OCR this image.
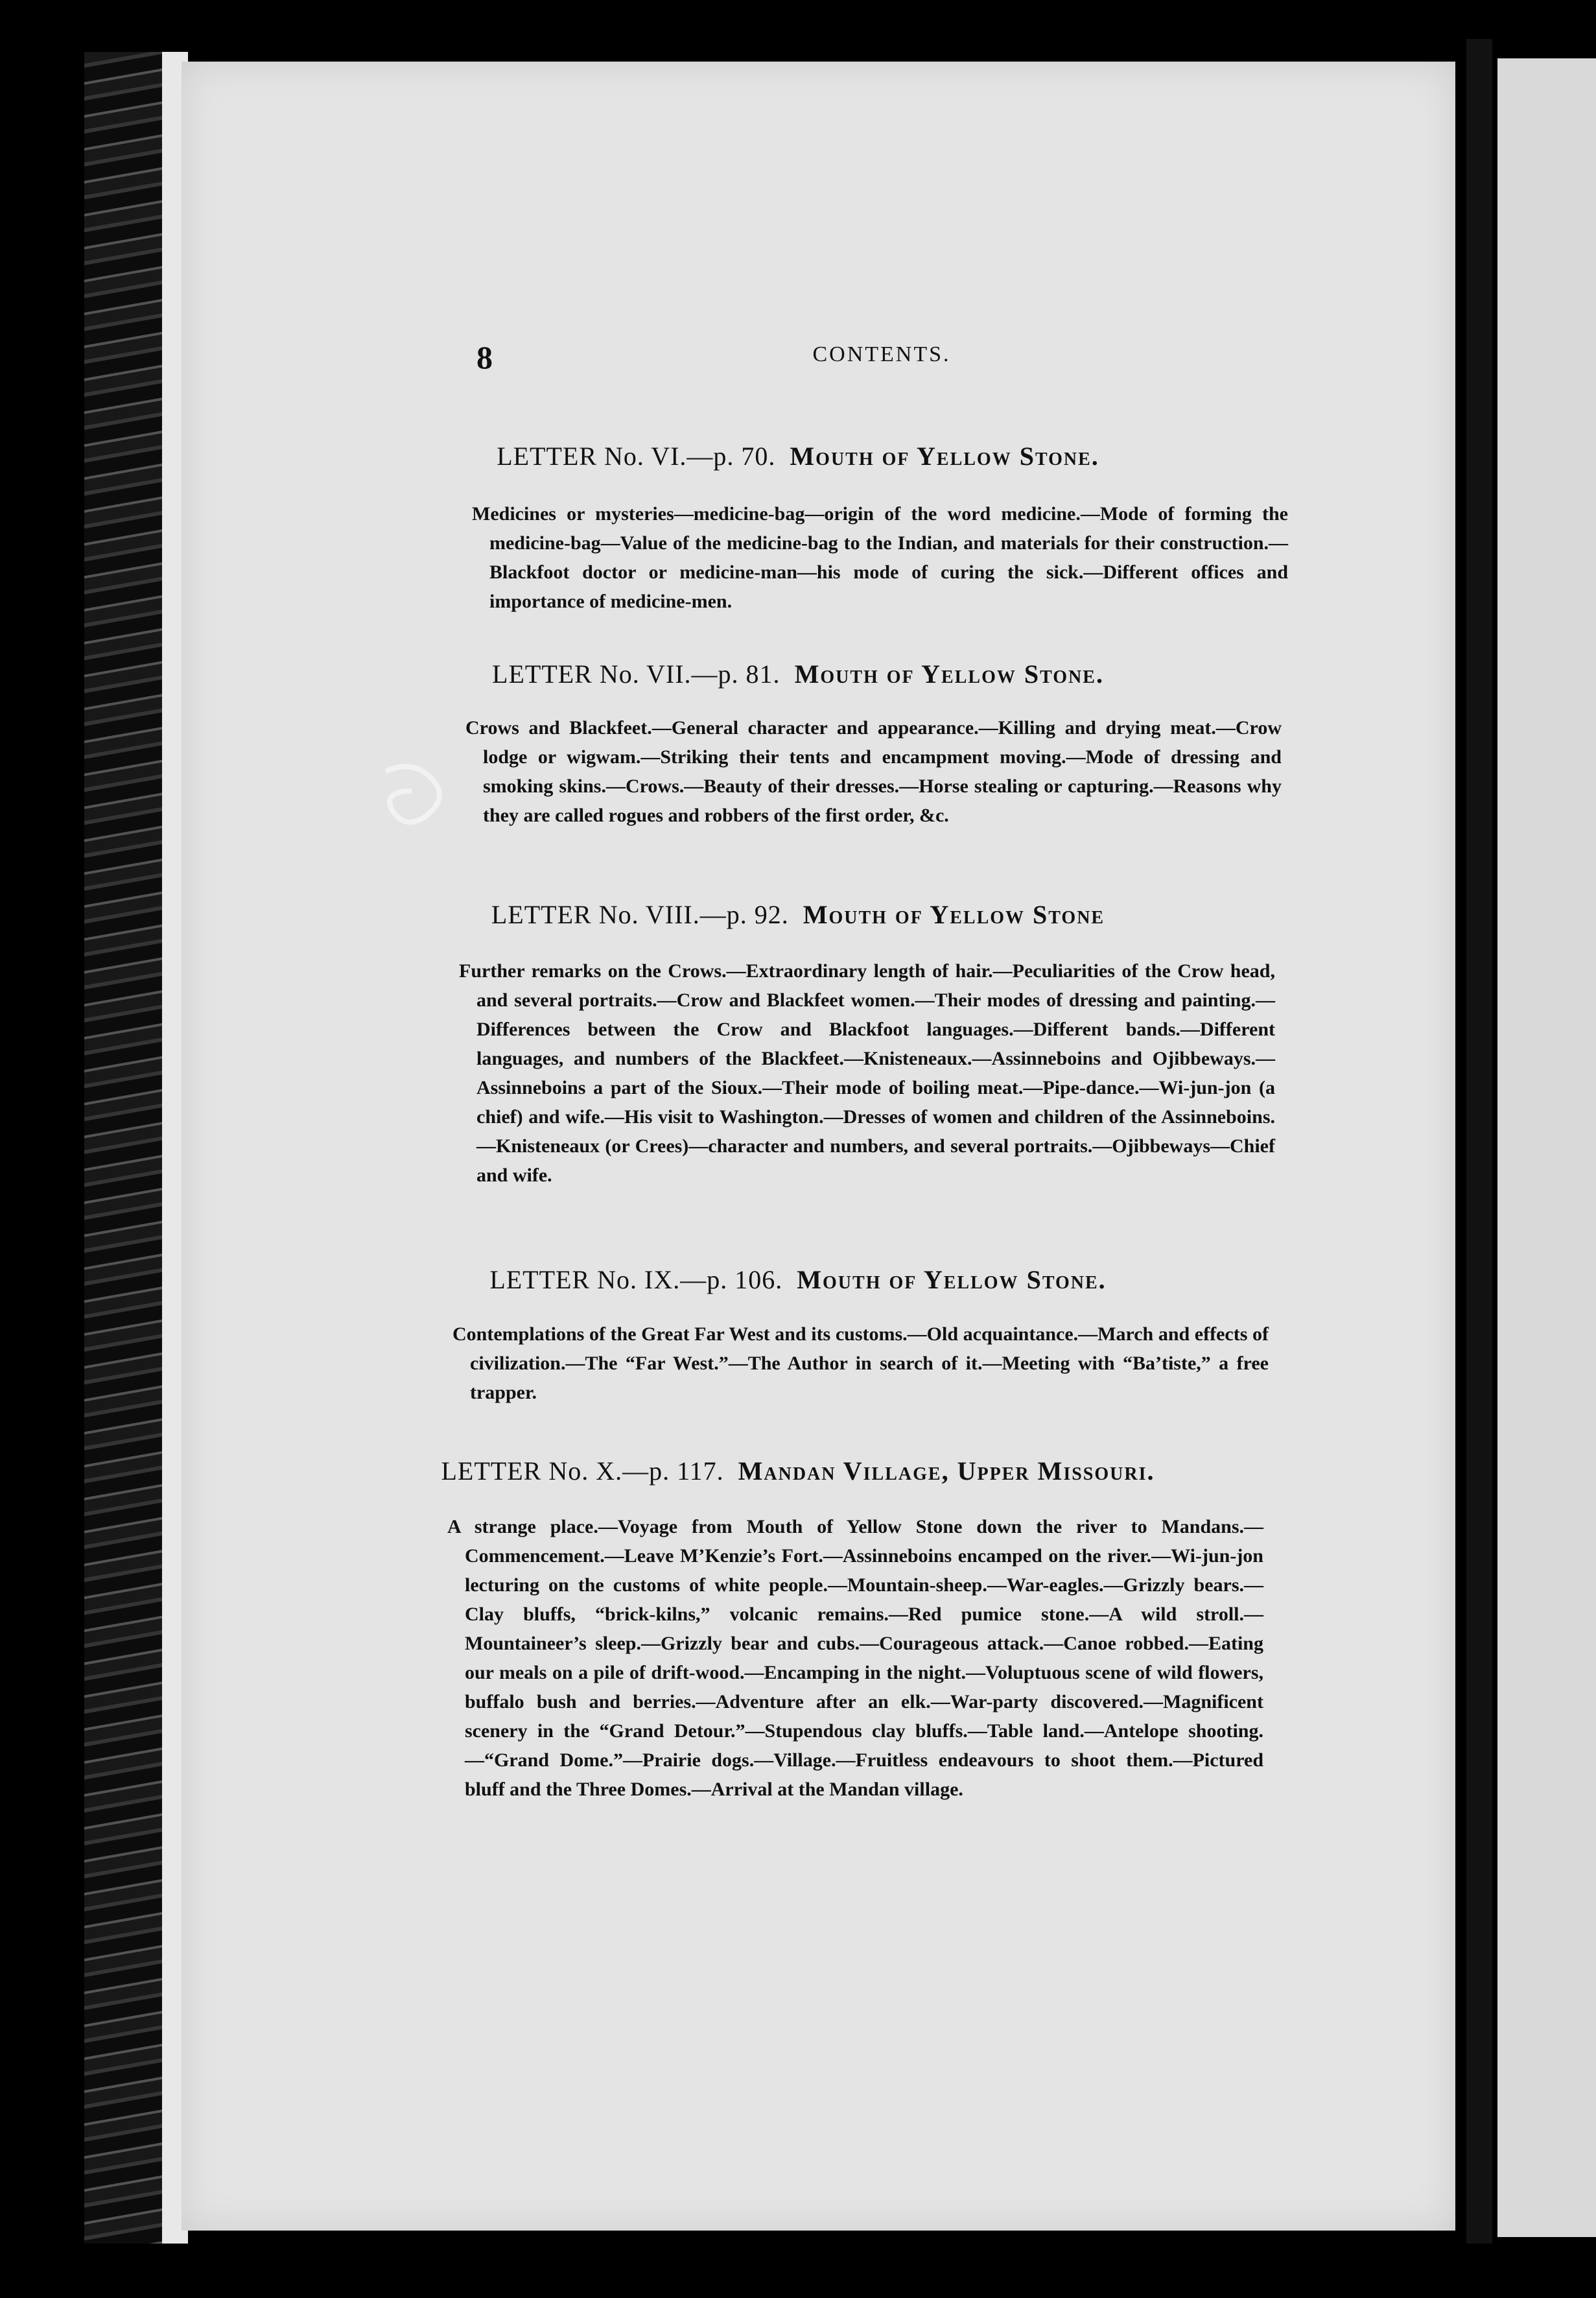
8	CONTENTS.
LETTER No. VI.—p. 70. Mouth of Yellow Stone.

Medicines or mysteries—medicine-bag—origin of the word medicine.—Mode of forming the medicine-bag—Value of the medicine-bag to the Indian, and materials for their construction.—Blackfoot doctor or medicine-man—his mode of curing the sick.—Different offices and importance of medicine-men.

LETTER No. VII.—p. 81. Mouth of Yellow Stone.

Crows and Blackfeet.—General character and appearance.—Killing and drying meat.—Crow lodge or wigwam.—Striking their tents and encampment moving.—Mode of dressing and smoking skins.—Crows.—Beauty of their dresses.—Horse stealing or capturing.—Reasons why they are called rogues and robbers of the first order, &c.

LETTER No. VIII.—p. 92. Mouth of Yellow Stone

Further remarks on the Crows.—Extraordinary length of hair.—Peculiarities of the Crow head, and several portraits.—Crow and Blackfeet women.—Their modes of dressing and painting.—Differences between the Crow and Blackfoot languages.—Different bands.—Different languages, and numbers of the Blackfeet.—Knisteneaux.—Assinneboins and Ojibbeways.—Assinneboins a part of the Sioux.—Their mode of boiling meat.—Pipe-dance.—Wi-jun-jon (a chief) and wife.—His visit to Washington.—Dresses of women and children of the Assinneboins.—Knisteneaux (or Crees)—character and numbers, and several portraits.—Ojibbeways—Chief and wife.

LETTER No. IX.—p. 106. Mouth of Yellow Stone.

Contemplations of the Great Far West and its customs.—Old acquaintance.—March and effects of civilization.—The “Far West.”—The Author in search of it.—Meeting with “Ba’tiste,” a free trapper.

LETTER No. X.—p. 117. Mandan Village, Upper Missouri.

A strange place.—Voyage from Mouth of Yellow Stone down the river to Mandans.—Commencement.—Leave M’Kenzie’s Fort.—Assinneboins encamped on the river.—Wi-jun-jon lecturing on the customs of white people.—Mountain-sheep.—War-eagles.—Grizzly bears.—Clay bluffs, “brick-kilns,” volcanic remains.—Red pumice stone.—A wild stroll.—Mountaineer’s sleep.—Grizzly bear and cubs.—Courageous attack.—Canoe robbed.—Eating our meals on a pile of drift-wood.—Encamping in the night.—Voluptuous scene of wild flowers, buffalo bush and berries.—Adventure after an elk.—War-party discovered.—Magnificent scenery in the “Grand Detour.”—Stupendous clay bluffs.—Table land.—Antelope shooting.—“Grand Dome.”—Prairie dogs.—Village.—Fruitless endeavours to shoot them.—Pictured bluff and the Three Domes.—Arrival at the Mandan village.
